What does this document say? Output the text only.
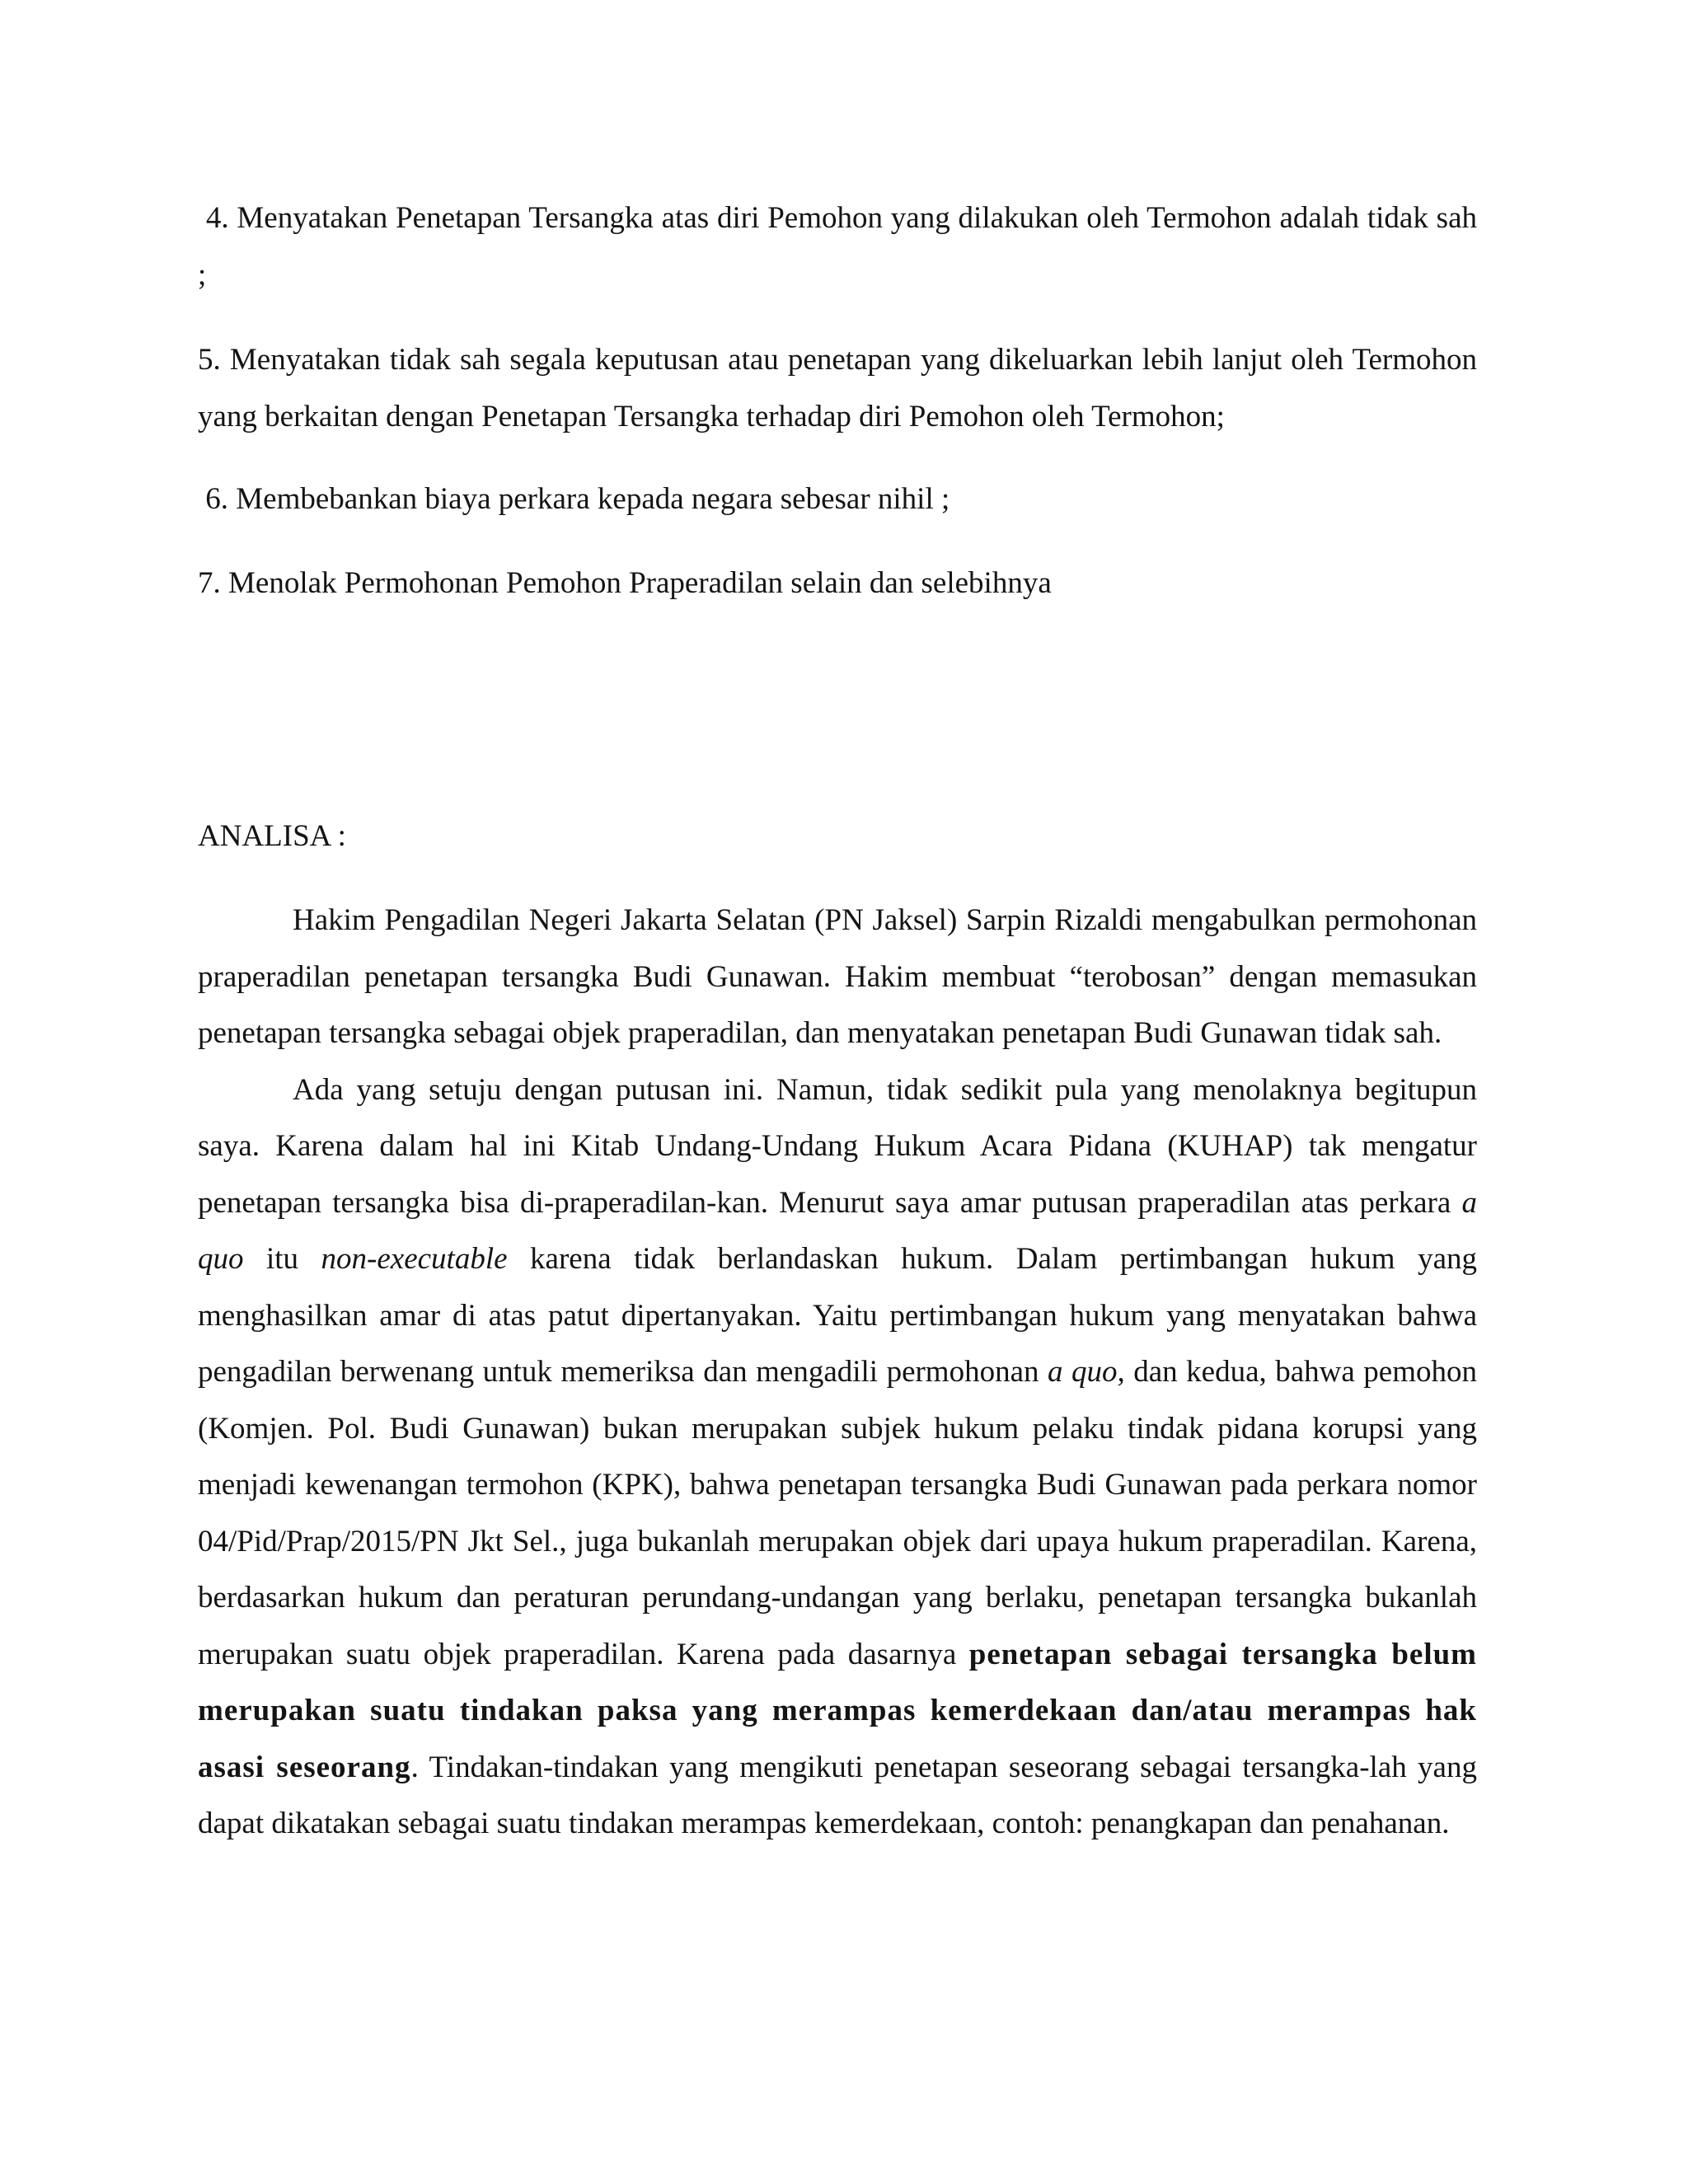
4. Menyatakan Penetapan Tersangka atas diri Pemohon yang dilakukan oleh Termohon adalah tidak sah ;
5. Menyatakan tidak sah segala keputusan atau penetapan yang dikeluarkan lebih lanjut oleh Termohon yang berkaitan dengan Penetapan Tersangka terhadap diri Pemohon oleh Termohon;
6. Membebankan biaya perkara kepada negara sebesar nihil ;
7. Menolak Permohonan Pemohon Praperadilan selain dan selebihnya
ANALISA :

Hakim Pengadilan Negeri Jakarta Selatan (PN Jaksel) Sarpin Rizaldi mengabulkan permohonan praperadilan penetapan tersangka Budi Gunawan. Hakim membuat “terobosan” dengan memasukan penetapan tersangka sebagai objek praperadilan, dan menyatakan penetapan Budi Gunawan tidak sah.

Ada yang setuju dengan putusan ini. Namun, tidak sedikit pula yang menolaknya begitupun saya. Karena dalam hal ini Kitab Undang-Undang Hukum Acara Pidana (KUHAP) tak mengatur penetapan tersangka bisa di-praperadilan-kan. Menurut saya amar putusan praperadilan atas perkara a quo itu non-executable karena tidak berlandaskan hukum. Dalam pertimbangan hukum yang menghasilkan amar di atas patut dipertanyakan. Yaitu pertimbangan hukum yang menyatakan bahwa pengadilan berwenang untuk memeriksa dan mengadili permohonan a quo, dan kedua, bahwa pemohon (Komjen. Pol. Budi Gunawan) bukan merupakan subjek hukum pelaku tindak pidana korupsi yang menjadi kewenangan termohon (KPK), bahwa penetapan tersangka Budi Gunawan pada perkara nomor 04/Pid/Prap/2015/PN Jkt Sel., juga bukanlah merupakan objek dari upaya hukum praperadilan. Karena, berdasarkan hukum dan peraturan perundang-undangan yang berlaku, penetapan tersangka bukanlah merupakan suatu objek praperadilan. Karena pada dasarnya penetapan sebagai tersangka belum merupakan suatu tindakan paksa yang merampas kemerdekaan dan/atau merampas hak asasi seseorang. Tindakan-tindakan yang mengikuti penetapan seseorang sebagai tersangka-lah yang dapat dikatakan sebagai suatu tindakan merampas kemerdekaan, contoh: penangkapan dan penahanan.
